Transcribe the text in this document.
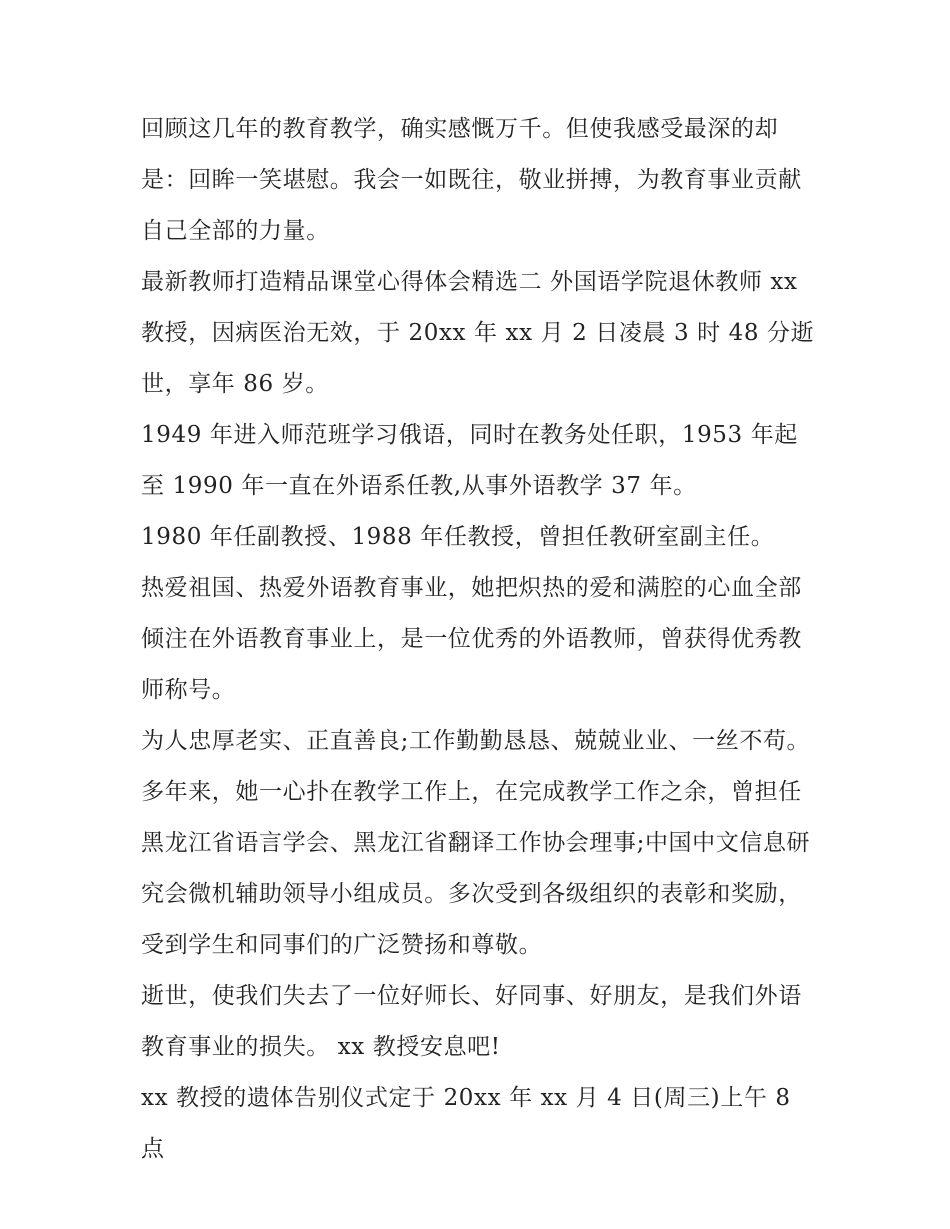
回顾这几年的教育教学，确实感慨万千。但使我感受最深的却是：回眸一笑堪慰。我会一如既往，敬业拼搏，为教育事业贡献自己全部的力量。

最新教师打造精品课堂心得体会精选二 外国语学院退休教师 xx 教授，因病医治无效，于 20xx 年 xx 月 2 日凌晨 3 时 48 分逝世，享年 86 岁。

1949 年进入师范班学习俄语，同时在教务处任职，1953 年起至 1990 年一直在外语系任教,从事外语教学 37 年。

1980 年任副教授、1988 年任教授，曾担任教研室副主任。

热爱祖国、热爱外语教育事业，她把炽热的爱和满腔的心血全部倾注在外语教育事业上，是一位优秀的外语教师，曾获得优秀教师称号。

为人忠厚老实、正直善良;工作勤勤恳恳、兢兢业业、一丝不苟。多年来，她一心扑在教学工作上，在完成教学工作之余，曾担任黑龙江省语言学会、黑龙江省翻译工作协会理事;中国中文信息研究会微机辅助领导小组成员。多次受到各级组织的表彰和奖励，受到学生和同事们的广泛赞扬和尊敬。

逝世，使我们失去了一位好师长、好同事、好朋友，是我们外语教育事业的损失。 xx 教授安息吧!

xx 教授的遗体告别仪式定于 20xx 年 xx 月 4 日(周三)上午 8 点
